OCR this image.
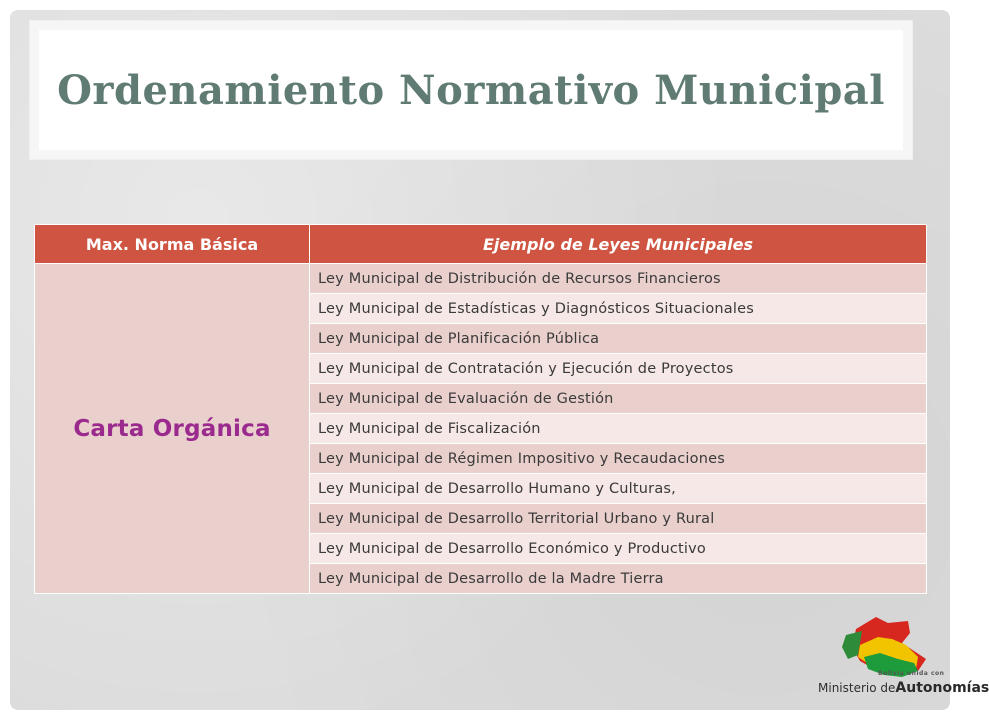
Ordenamiento Normativo Municipal
Max. Norma Básica	Ejemplo de Leyes Municipales
Carta Orgánica	Ley Municipal de Distribución de Recursos Financieros
	Ley Municipal de Estadísticas y Diagnósticos Situacionales
	Ley Municipal de Planificación Pública
	Ley Municipal de Contratación y Ejecución de Proyectos
	Ley Municipal de Evaluación de Gestión
	Ley Municipal de Fiscalización
	Ley Municipal de Régimen Impositivo y Recaudaciones
	Ley Municipal de Desarrollo Humano y Culturas,
	Ley Municipal de Desarrollo Territorial Urbano y Rural
	Ley Municipal de Desarrollo Económico y Productivo
	Ley Municipal de Desarrollo de la Madre Tierra
Bolivia unida con
Ministerio deAutonomías
